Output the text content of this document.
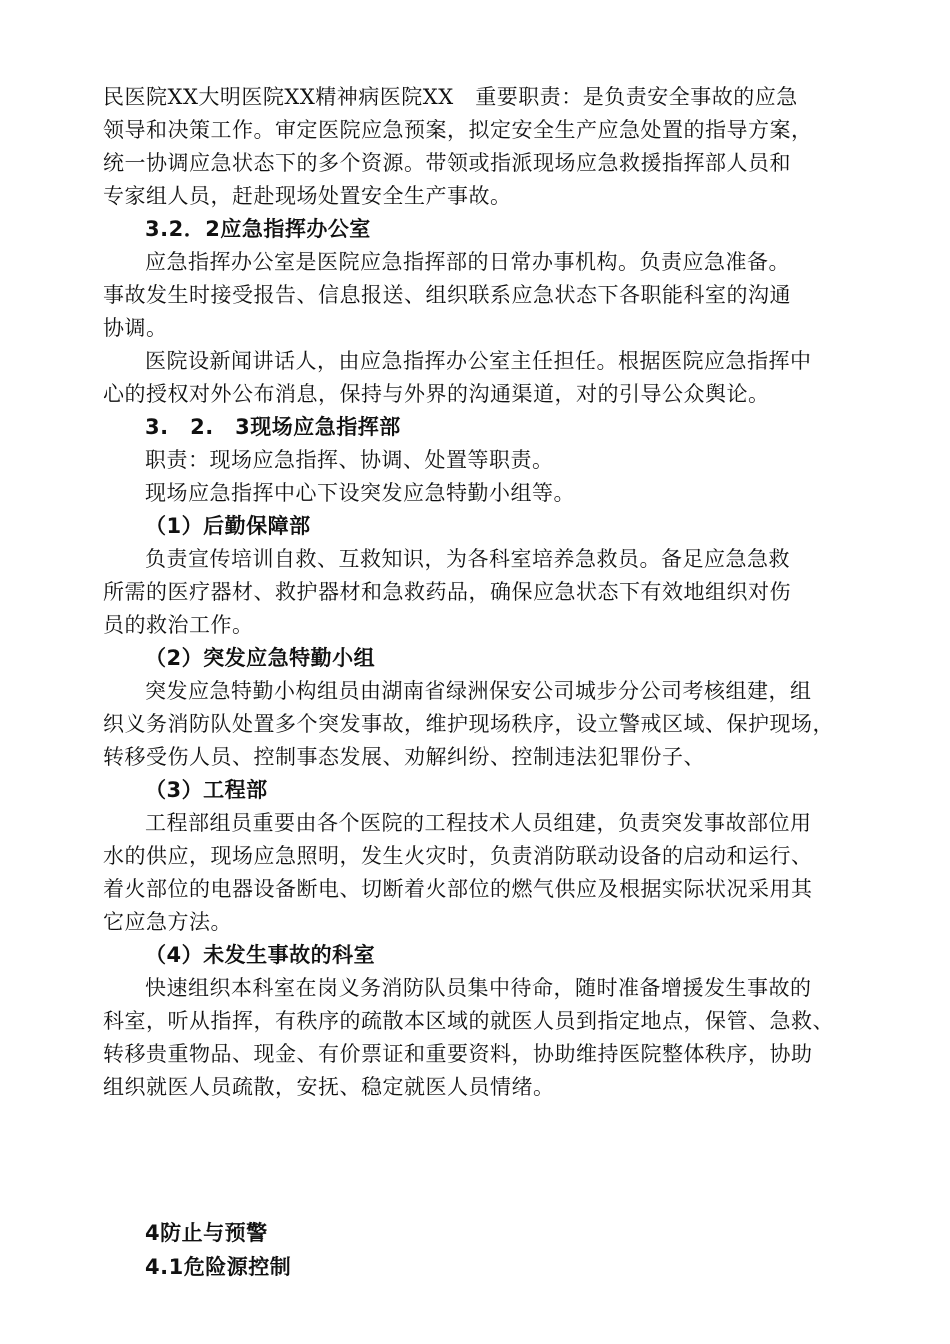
民医院XX大明医院XX精神病医院XX　重要职责：是负责安全事故的应急
领导和决策工作。审定医院应急预案，拟定安全生产应急处置的指导方案，
统一协调应急状态下的多个资源。带领或指派现场应急救援指挥部人员和
专家组人员，赶赴现场处置安全生产事故。
3.2．2应急指挥办公室
应急指挥办公室是医院应急指挥部的日常办事机构。负责应急准备。
事故发生时接受报告、信息报送、组织联系应急状态下各职能科室的沟通
协调。
医院设新闻讲话人，由应急指挥办公室主任担任。根据医院应急指挥中
心的授权对外公布消息，保持与外界的沟通渠道，对的引导公众舆论。
3.　2.　3现场应急指挥部
职责：现场应急指挥、协调、处置等职责。
现场应急指挥中心下设突发应急特勤小组等。
（1）后勤保障部
负责宣传培训自救、互救知识，为各科室培养急救员。备足应急急救
所需的医疗器材、救护器材和急救药品，确保应急状态下有效地组织对伤
员的救治工作。
（2）突发应急特勤小组
突发应急特勤小构组员由湖南省绿洲保安公司城步分公司考核组建，组
织义务消防队处置多个突发事故，维护现场秩序，设立警戒区域、保护现场，
转移受伤人员、控制事态发展、劝解纠纷、控制违法犯罪份子、
（3）工程部
工程部组员重要由各个医院的工程技术人员组建，负责突发事故部位用
水的供应，现场应急照明，发生火灾时，负责消防联动设备的启动和运行、
着火部位的电器设备断电、切断着火部位的燃气供应及根据实际状况采用其
它应急方法。
（4）未发生事故的科室
快速组织本科室在岗义务消防队员集中待命，随时准备增援发生事故的
科室，听从指挥，有秩序的疏散本区域的就医人员到指定地点，保管、急救、
转移贵重物品、现金、有价票证和重要资料，协助维持医院整体秩序，协助
组织就医人员疏散，安抚、稳定就医人员情绪。
4防止与预警
4.1危险源控制
